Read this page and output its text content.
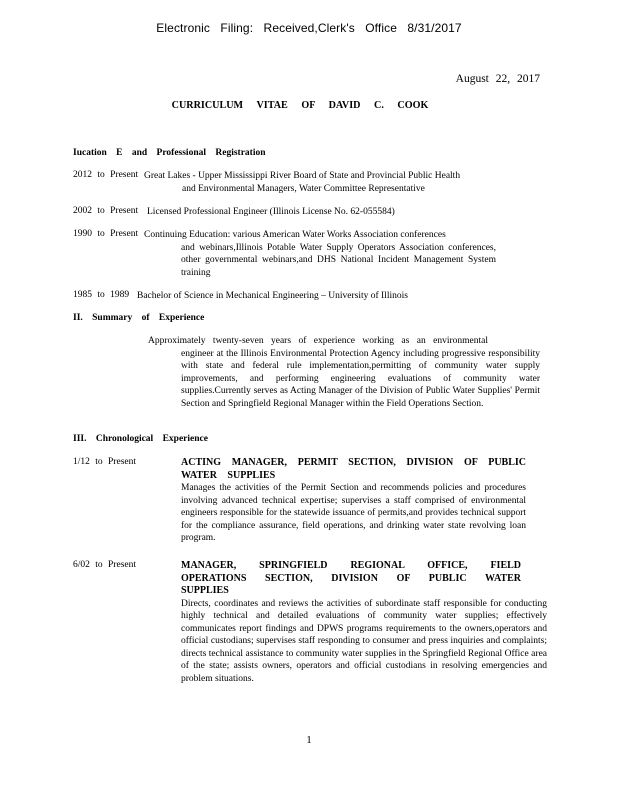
Electronic Filing: Received,Clerk's Office 8/31/2017
August 22, 2017
CURRICULUM VITAE OF DAVID C. COOK
Iucation E and Professional Registration
2012 to Present Great Lakes - Upper Mississippi River Board of State and Provincial Public Health
and Environmental Managers, Water Committee Representative
2002 to Present Licensed Professional Engineer (Illinois License No. 62-055584)
1990 to Present Continuing Education: various American Water Works Association conferences
and webinars,Illinois Potable Water Supply Operators Association conferences, other governmental webinars,and DHS National Incident Management System training
1985 to 1989 Bachelor of Science in Mechanical Engineering – University of Illinois
II. Summary of Experience
Approximately twenty-seven years of experience working as an environmental
engineer at the Illinois Environmental Protection Agency including progressive responsibility with state and federal rule implementation,permitting of community water supply improvements, and performing engineering evaluations of community water supplies.Currently serves as Acting Manager of the Division of Public Water Supplies' Permit Section and Springfield Regional Manager within the Field Operations Section.
III. Chronological Experience
1/12 to Present	ACTING MANAGER, PERMIT SECTION, DIVISION OF PUBLIC WATER SUPPLIES
Manages the activities of the Permit Section and recommends policies and procedures involving advanced technical expertise; supervises a staff comprised of environmental engineers responsible for the statewide issuance of permits,and provides technical support for the compliance assurance, field operations, and drinking water state revolving loan program.
6/02 to Present	MANAGER, SPRINGFIELD REGIONAL OFFICE, FIELD OPERATIONS SECTION, DIVISION OF PUBLIC WATER SUPPLIES
Directs, coordinates and reviews the activities of subordinate staff responsible for conducting highly technical and detailed evaluations of community water supplies; effectively communicates report findings and DPWS programs requirements to the owners,operators and official custodians; supervises staff responding to consumer and press inquiries and complaints; directs technical assistance to community water supplies in the Springfield Regional Office area of the state; assists owners, operators and official custodians in resolving emergencies and problem situations.
1
